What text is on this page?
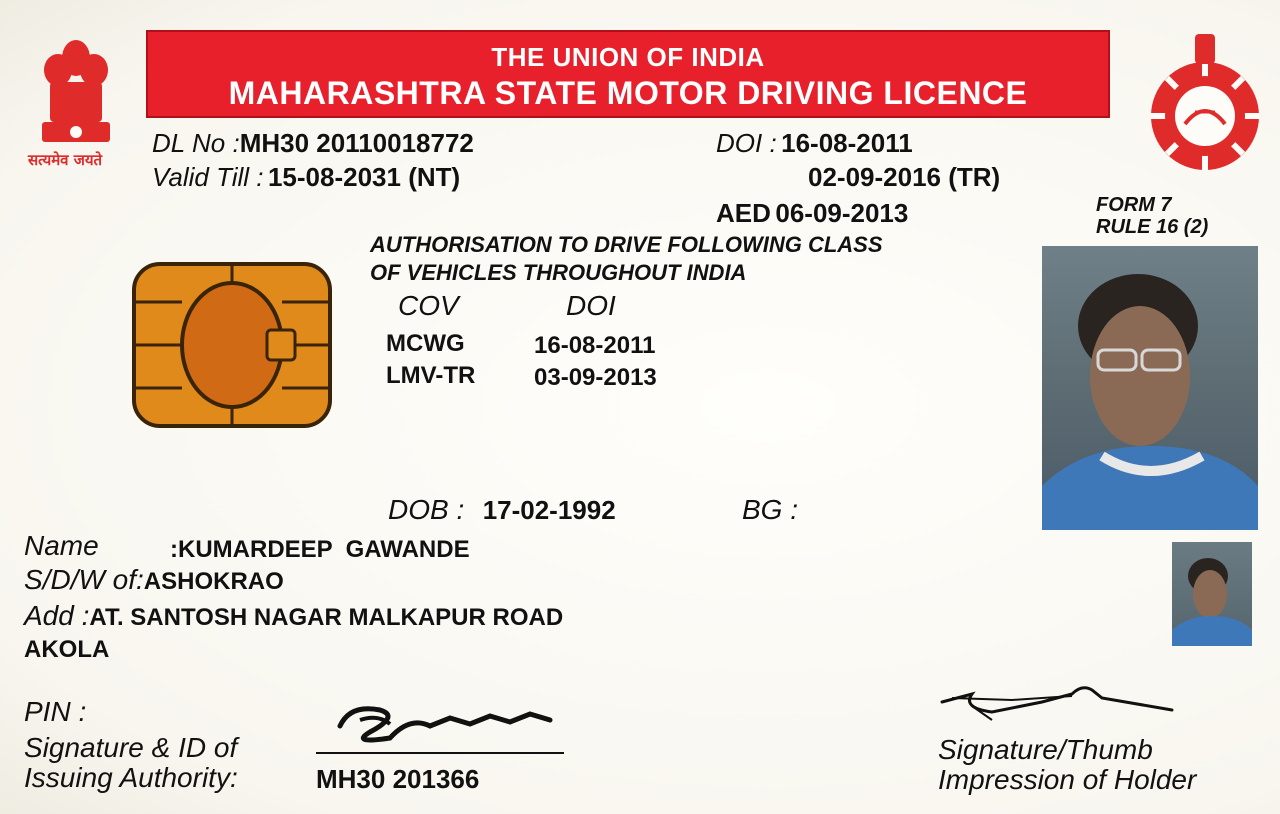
सत्यमेव जयते
THE UNION OF INDIA
MAHARASHTRA STATE MOTOR DRIVING LICENCE
MMVD
DL No :MH30 20110018772
Valid Till : 15-08-2031 (NT)
DOI : 16-08-2011
02-09-2016 (TR)
AED 06-09-2013	FORM 7
RULE 16 (2)
AUTHORISATION TO DRIVE FOLLOWING CLASS
OF VEHICLES THROUGHOUT INDIA
COV	DOI
MCWG	16-08-2011
LMV-TR 03-09-2013
DOB : 17-02-1992	BG :
Name	:KUMARDEEP  GAWANDE
S/D/W of:ASHOKRAO
Add :AT. SANTOSH NAGAR MALKAPUR ROAD
AKOLA
PIN :
Signature & ID of
Issuing Authority:	MH30 201366
Signature/Thumb
Impression of Holder
